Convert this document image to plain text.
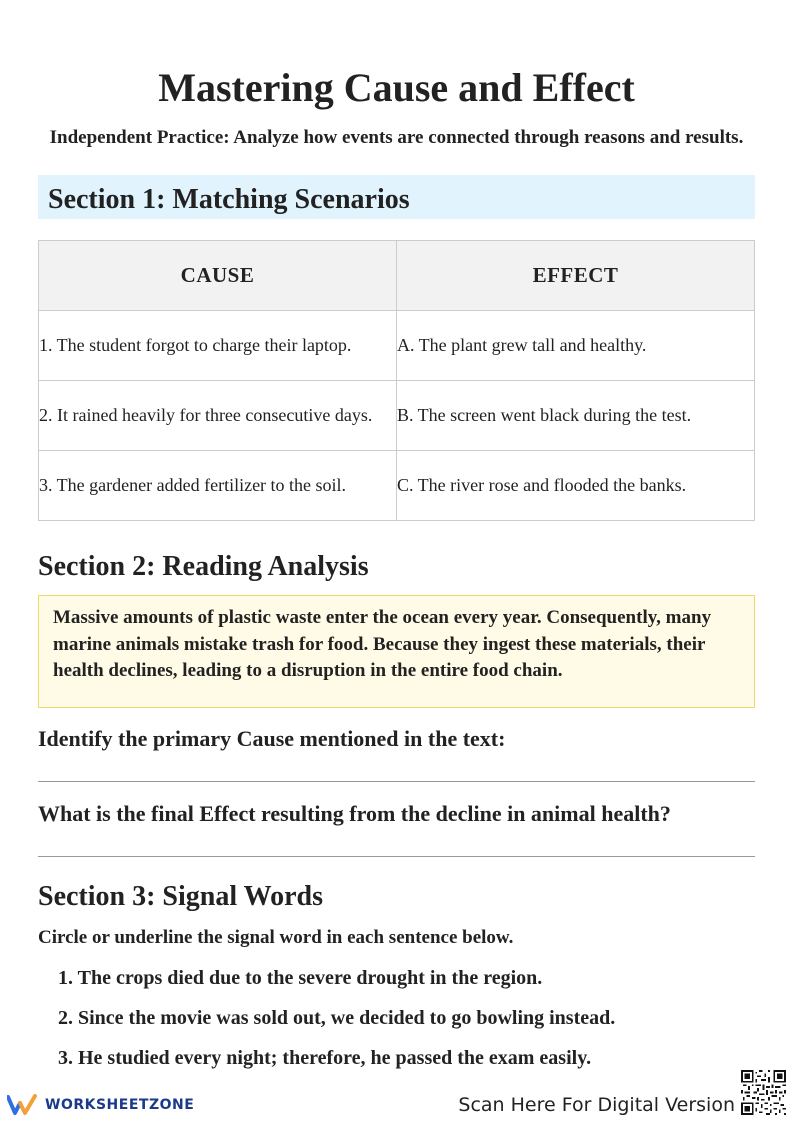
Mastering Cause and Effect
Independent Practice: Analyze how events are connected through reasons and results.
Section 1: Matching Scenarios
CAUSE	EFFECT
1. The student forgot to charge their laptop.	A. The plant grew tall and healthy.
2. It rained heavily for three consecutive days.	B. The screen went black during the test.
3. The gardener added fertilizer to the soil.	C. The river rose and flooded the banks.
Section 2: Reading Analysis
Massive amounts of plastic waste enter the ocean every year. Consequently, many marine animals mistake trash for food. Because they ingest these materials, their health declines, leading to a disruption in the entire food chain.
Identify the primary Cause mentioned in the text:
What is the final Effect resulting from the decline in animal health?
Section 3: Signal Words
Circle or underline the signal word in each sentence below.
1. The crops died due to the severe drought in the region.
2. Since the movie was sold out, we decided to go bowling instead.
3. He studied every night; therefore, he passed the exam easily.
WORKSHEETZONE	Scan Here For Digital Version
